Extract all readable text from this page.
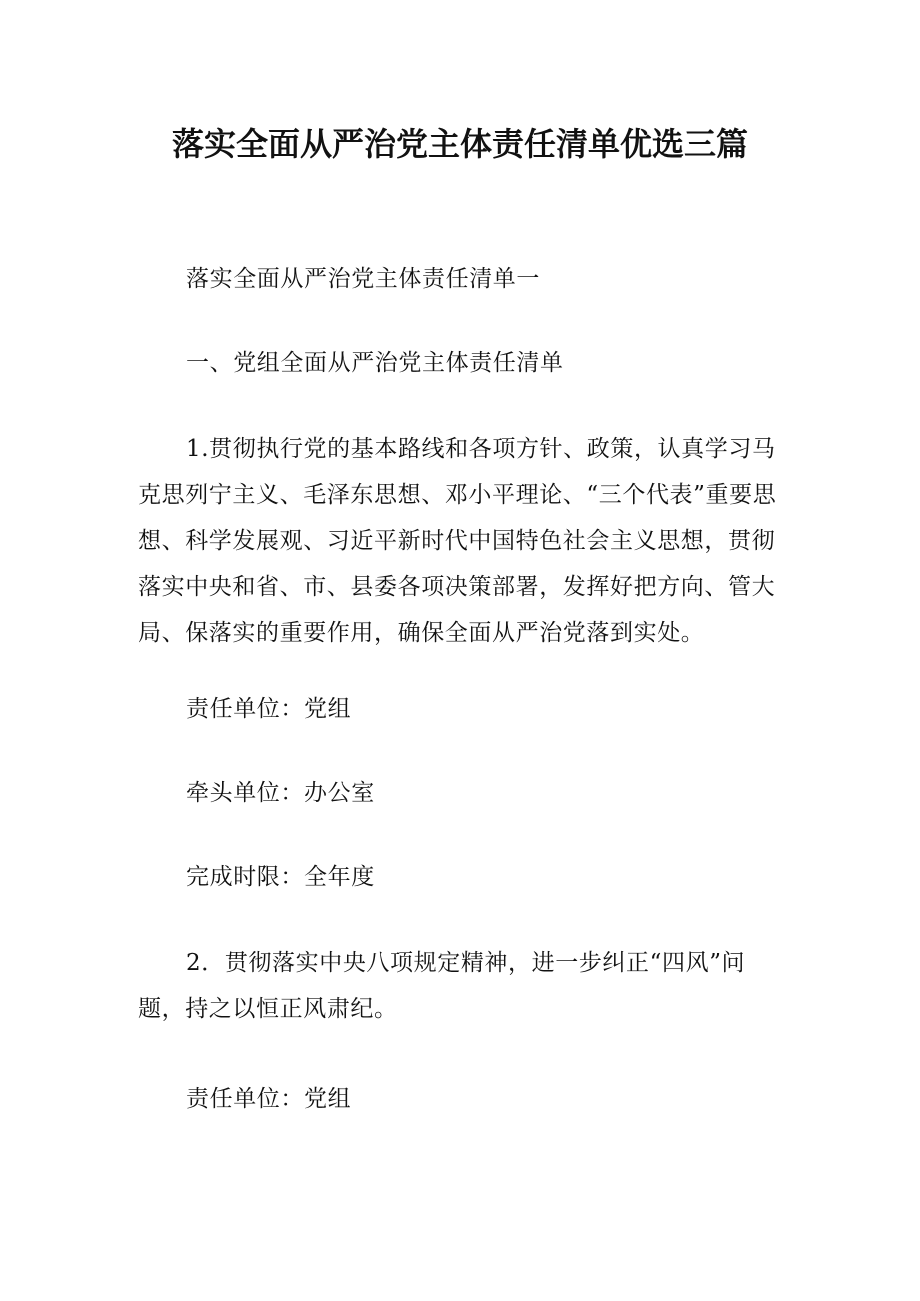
落实全面从严治党主体责任清单优选三篇
落实全面从严治党主体责任清单一
一、党组全面从严治党主体责任清单
1.贯彻执行党的基本路线和各项方针、政策，认真学习马克思列宁主义、毛泽东思想、邓小平理论、“三个代表”重要思想、科学发展观、习近平新时代中国特色社会主义思想，贯彻落实中央和省、市、县委各项决策部署，发挥好把方向、管大局、保落实的重要作用，确保全面从严治党落到实处。
责任单位：党组
牵头单位：办公室
完成时限：全年度
2．贯彻落实中央八项规定精神，进一步纠正“四风”问题，持之以恒正风肃纪。
责任单位：党组
